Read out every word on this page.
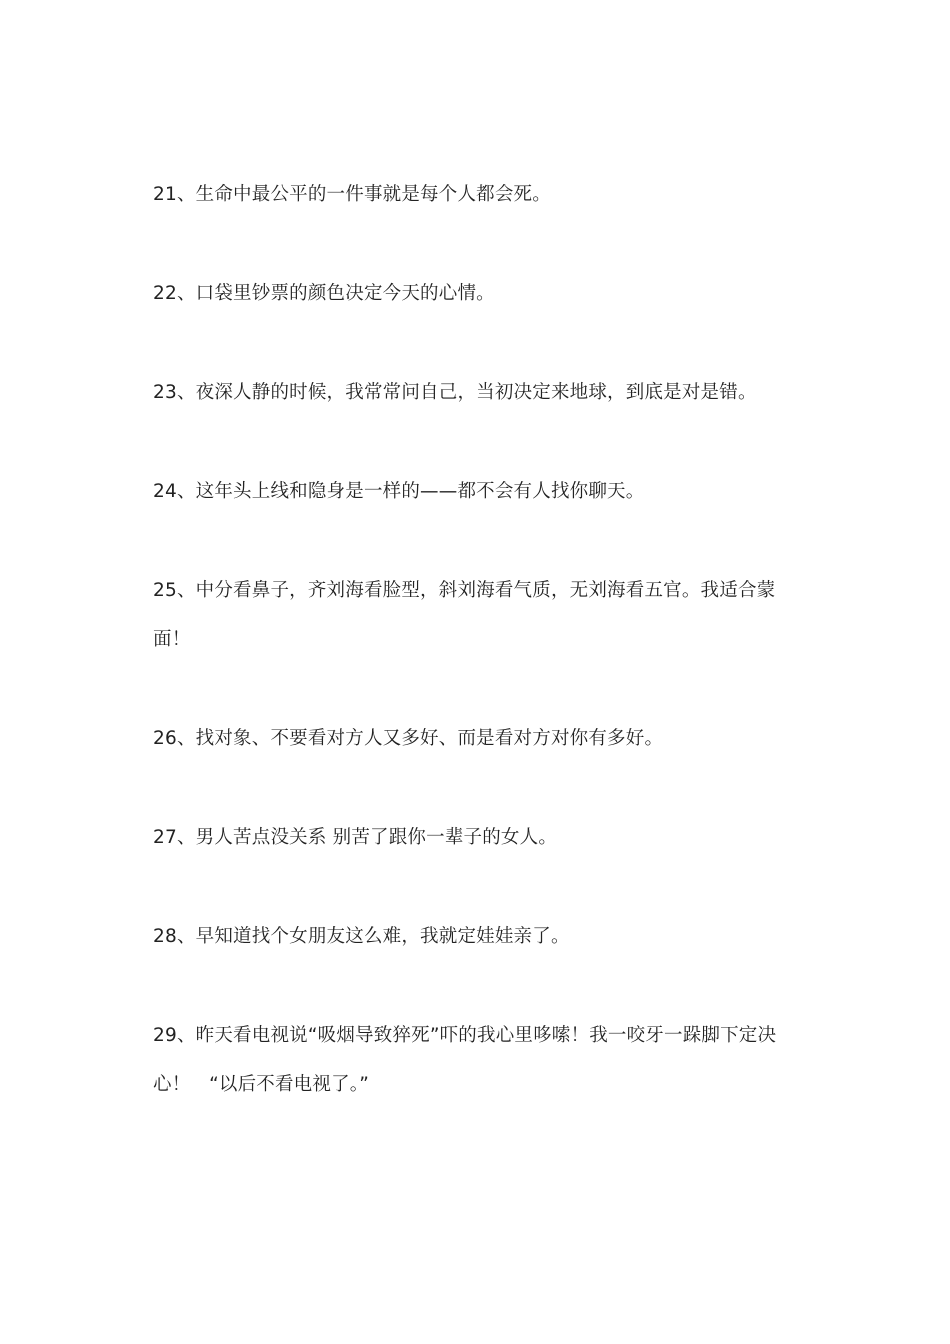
21、生命中最公平的一件事就是每个人都会死。
22、口袋里钞票的颜色决定今天的心情。
23、夜深人静的时候，我常常问自己，当初决定来地球，到底是对是错。
24、这年头上线和隐身是一样的——都不会有人找你聊天。
25、中分看鼻子，齐刘海看脸型，斜刘海看气质，无刘海看五官。我适合蒙面！
26、找对象、不要看对方人又多好、而是看对方对你有多好。
27、男人苦点没关系 别苦了跟你一辈子的女人。
28、早知道找个女朋友这么难，我就定娃娃亲了。
29、昨天看电视说“吸烟导致猝死”吓的我心里哆嗦！我一咬牙一跺脚下定决心！　“以后不看电视了。”
